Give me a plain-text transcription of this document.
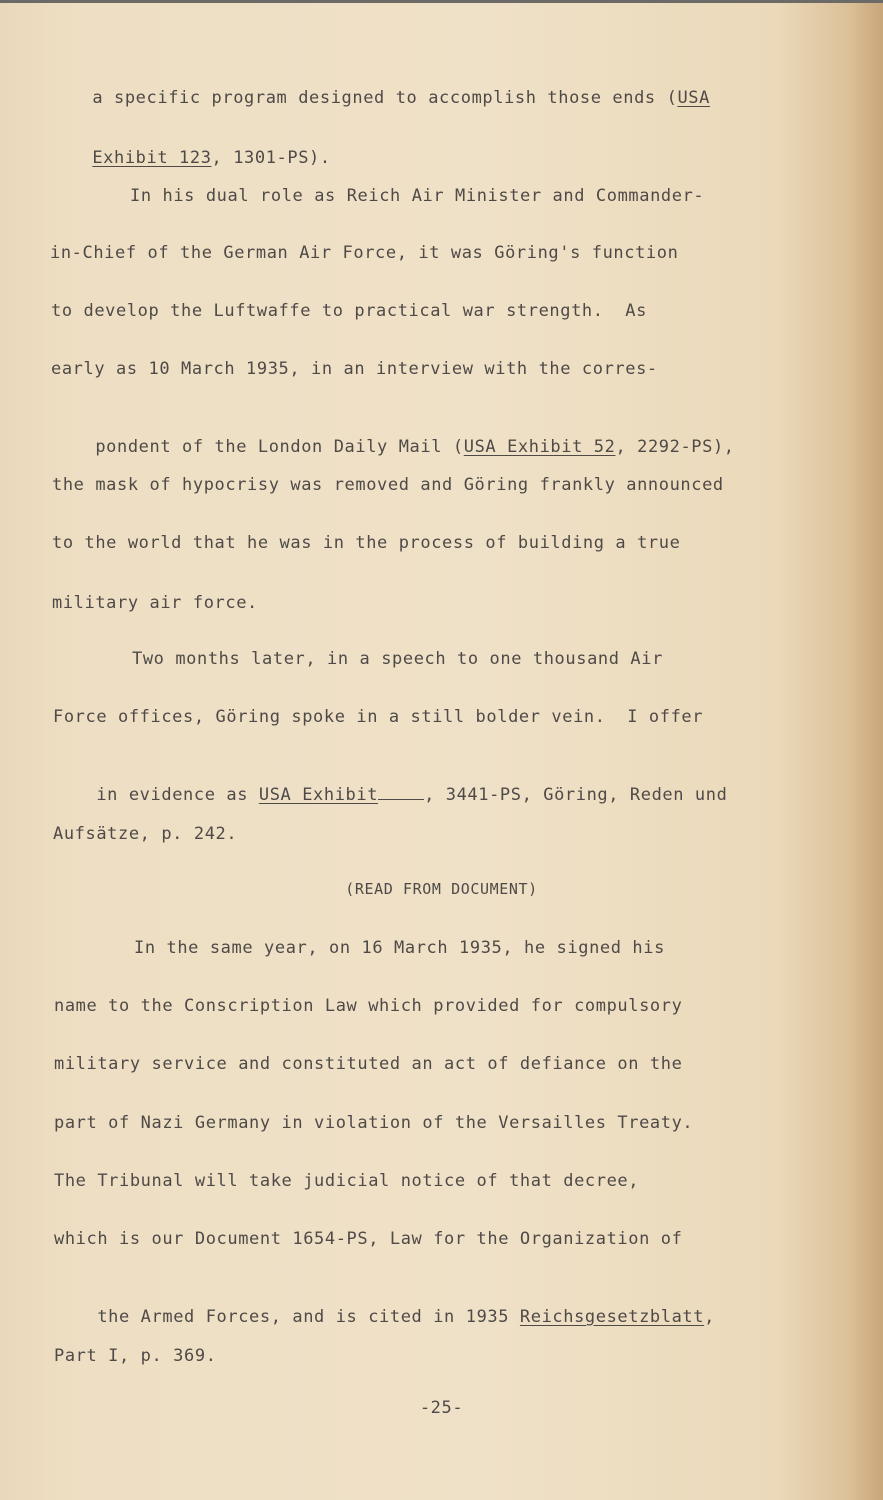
a specific program designed to accomplish those ends (USA

Exhibit 123, 1301-PS).

In his dual role as Reich Air Minister and Commander-
in-Chief of the German Air Force, it was Göring's function
to develop the Luftwaffe to practical war strength.  As
early as 10 March 1935, in an interview with the corres-

pondent of the London Daily Mail (USA Exhibit 52, 2292-PS),

the mask of hypocrisy was removed and Göring frankly announced
to the world that he was in the process of building a true
military air force.
Two months later, in a speech to one thousand Air
Force offices, Göring spoke in a still bolder vein.  I offer

in evidence as USA Exhibit	, 3441-PS, Göring, Reden und

Aufsätze, p. 242.
(READ FROM DOCUMENT)
In the same year, on 16 March 1935, he signed his
name to the Conscription Law which provided for compulsory
military service and constituted an act of defiance on the
part of Nazi Germany in violation of the Versailles Treaty.
The Tribunal will take judicial notice of that decree,
which is our Document 1654-PS, Law for the Organization of

the Armed Forces, and is cited in 1935 Reichsgesetzblatt,

Part I, p. 369.
-25-
